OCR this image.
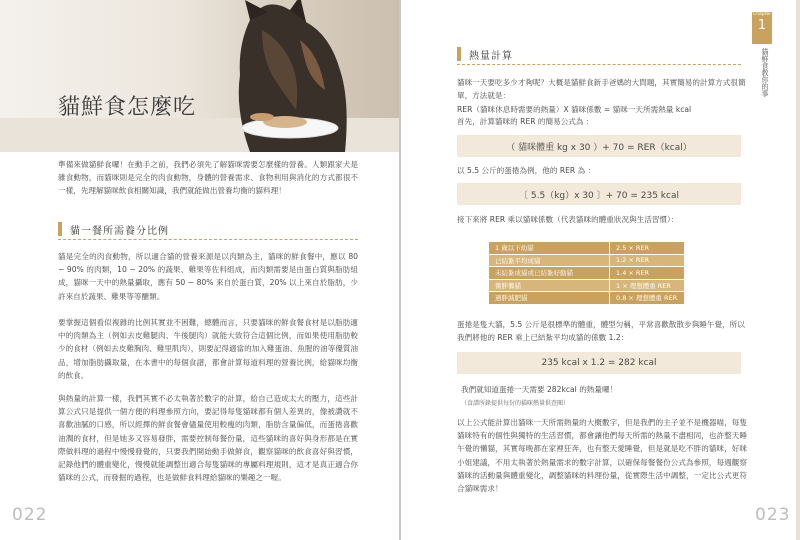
貓鮮食怎麼吃

準備來做貓鮮食囉！在動手之前，我們必須先了解貓咪需要怎麼樣的營養。人類跟家犬是雜食動物，而貓咪則是完全的肉食動物，身體的營養需求、食物利用與消化的方式都很不一樣，先理解貓咪飲食相關知識，我們就能做出營養均衡的貓料理！

貓一餐所需養分比例

貓是完全的肉食動物，所以適合貓的營養來源是以肉類為主，貓咪的鮮食餐中，應以 80 ~ 90% 的肉類，10 ~ 20% 的蔬果、雞果等佐料組成，而肉類需要是由蛋白質與脂肪組成，貓咪一天中的熱量攝取，應有 50 ~ 80% 來自於蛋白質，20% 以上來自於脂肪，少許來自於蔬果、雞果等等醣類。

要掌握這個看似複雜的比例其實並不困難，總體而言，只要貓咪的鮮食餐食材是以脂肪適中的肉類為主（例如去皮雞腿肉、牛後腿肉）就能大致符合這個比例，而如果使用脂肪較少的食材（例如去皮雞胸肉、雞里肌肉），則要記得適當的加入雞蛋油、魚腥的油等優質油品，增加脂肪攝取量，在本書中的每個食譜，都會計算每道料理的營養比例，給貓咪均衡的飲食。

與熱量的計算一樣，我們其實不必太執著於數字的計算，給自己造成太大的壓力，這些計算公式只是提供一個方便的料理參照方向，要記得每隻貓咪都有個人差異的，像被讚就不喜歡油膩的口感，所以經擇的鮮食餐會儘量使用較瘦的肉類，脂肪含量偏低，而蛋捲喜歡油潤的食材，但是她多又容易發胖，需要控制每餐份量，這些貓咪的喜好與身形都是在實際做料理的過程中慢慢發覺的，只要我們開始動手做鮮食，觀察貓咪的飲食喜好與習慣，記錄他們的體重變化，慢慢就能調整出適合每隻貓咪的專屬料理規則，這才是真正適合你貓咪的公式，而發掘的過程，也是做鮮食料理給貓咪的樂趣之一喔。

022
Chapter
1
貓鮮食教你的事
熱量計算

貓咪一天要吃多少才夠呢？大概是貓鮮食新手爸媽的大問題，其實簡易的計算方式很簡單，方法就是：

RER（貓咪休息時需要的熱量）X 貓咪係數 = 貓咪一天所需熱量 kcal

首先，計算貓咪的 RER 的簡易公式為 ：

（ 貓咪體重 kg x 30 ）+ 70 = RER（kcal）

以 5.5 公斤的蛋捲為例，他的 RER 為 ：

〔 5.5（kg）x 30 〕+ 70 = 235 kcal

接下來將 RER 乘以貓咪係數（代表貓咪的體重狀況與生活習慣）：

1 歲以下幼貓	2.5 × RER
已結紮平均成貓	1.2 × RER
未結紮成貓或已結紮好動貓	1.4 × RER
微胖懶貓	1 × 理想體重 RER
過胖減肥貓	0.8 × 理想體重 RER

蛋捲是隻大貓，5.5 公斤是很標準的體重，體型匀稱，平常喜歡散散步與睡午覺，所以我們將他的 RER 乘上已結紮平均成貓的係數 1.2：

235 kcal x 1.2 = 282 kcal

我們就知道蛋捲一天需要 282kcal 的熱量囉！

（食譜所錄提供每份的貓咪熱量供查閱）

以上公式能計算出貓咪一天所需熱量的大概數字，但是我們的主子並不是機器喵，每隻貓咪特有的個性與獨特的生活習慣，都會讓他們每天所需的熱量不盡相同，也許整天睡午覺的懶貓，其實每晚都在家裡狂奔，也有整天愛睡覺，但是就是吃不胖的貓咪，好咪小姐建議，不用太執著於熱量需求的數字計算，以確保每餐餐份公式為參照，每週觀察貓咪的活動量與體重變化，調整貓咪的料理份量，從實際生活中調整，一定比公式更符合貓咪需求！

023
